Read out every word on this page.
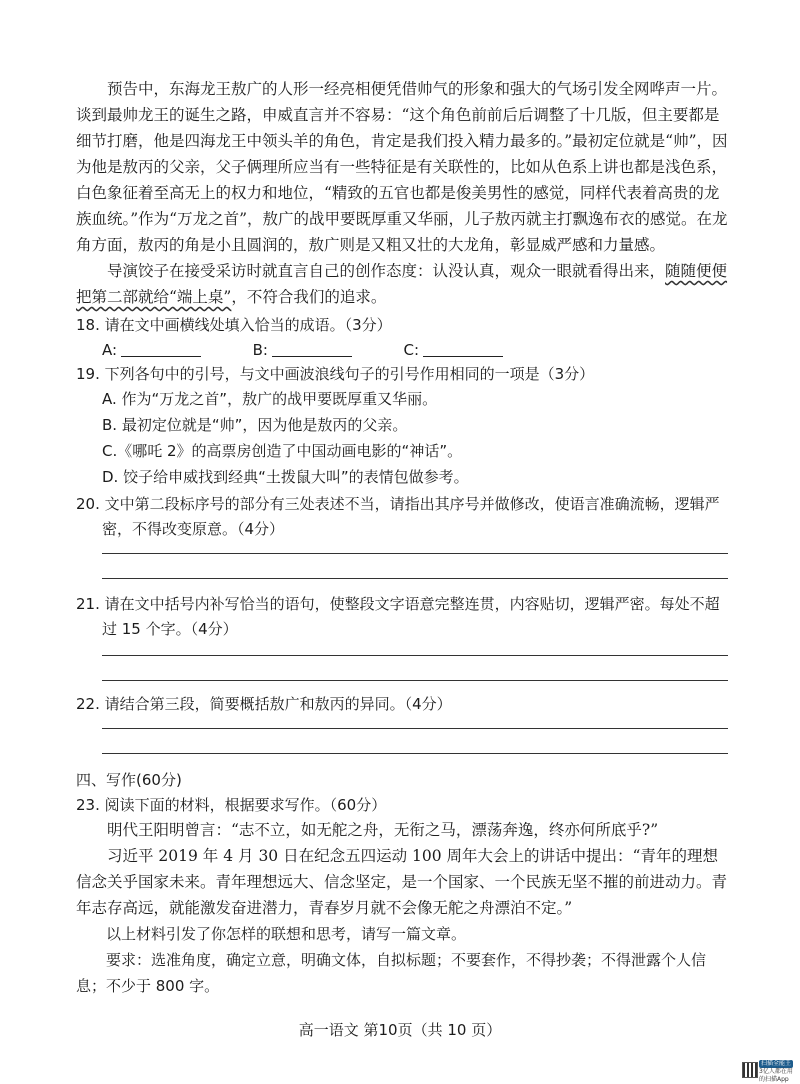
预告中，东海龙王敖广的人形一经亮相便凭借帅气的形象和强大的气场引发全网哗声一片。谈到最帅龙王的诞生之路，申威直言并不容易：“这个角色前前后后调整了十几版，但主要都是细节打磨，他是四海龙王中领头羊的角色，肯定是我们投入精力最多的。”最初定位就是“帅”，因为他是敖丙的父亲，父子俩理所应当有一些特征是有关联性的，比如从色系上讲也都是浅色系，白色象征着至高无上的权力和地位，“精致的五官也都是俊美男性的感觉，同样代表着高贵的龙族血统。”作为“万龙之首”，敖广的战甲要既厚重又华丽，儿子敖丙就主打飘逸布衣的感觉。在龙角方面，敖丙的角是小且圆润的，敖广则是又粗又壮的大龙角，彰显威严感和力量感。

导演饺子在接受采访时就直言自己的创作态度：认没认真，观众一眼就看得出来，随随便便把第二部就给“端上桌”，不符合我们的追求。

18. 请在文中画横线处填入恰当的成语。（3分）

A:	B:	C:

19. 下列各句中的引号，与文中画波浪线句子的引号作用相同的一项是（3分）

A. 作为“万龙之首”，敖广的战甲要既厚重又华丽。

B. 最初定位就是“帅”，因为他是敖丙的父亲。

C.《哪吒 2》的高票房创造了中国动画电影的“神话”。

D. 饺子给申威找到经典“土拨鼠大叫”的表情包做参考。

20. 文中第二段标序号的部分有三处表述不当，请指出其序号并做修改，使语言准确流畅，逻辑严

密，不得改变原意。（4分）

21. 请在文中括号内补写恰当的语句，使整段文字语意完整连贯，内容贴切，逻辑严密。每处不超

过 15 个字。（4分）

22. 请结合第三段，简要概括敖广和敖丙的异同。（4分）

四、写作(60分)

23. 阅读下面的材料，根据要求写作。（60分）

明代王阳明曾言：“志不立，如无舵之舟，无衔之马，漂荡奔逸，终亦何所底乎?”

习近平 2019 年 4 月 30 日在纪念五四运动 100 周年大会上的讲话中提出：“青年的理想信念关乎国家未来。青年理想远大、信念坚定，是一个国家、一个民族无坚不摧的前进动力。青年志存高远，就能激发奋进潜力，青春岁月就不会像无舵之舟漂泊不定。”

以上材料引发了你怎样的联想和思考，请写一篇文章。

要求：选准角度，确定立意，明确文体，自拟标题；不要套作，不得抄袭；不得泄露个人信息；不少于 800 字。

高一语文 第10页（共 10 页）
扫描全能王
3亿人都在用的扫描App
